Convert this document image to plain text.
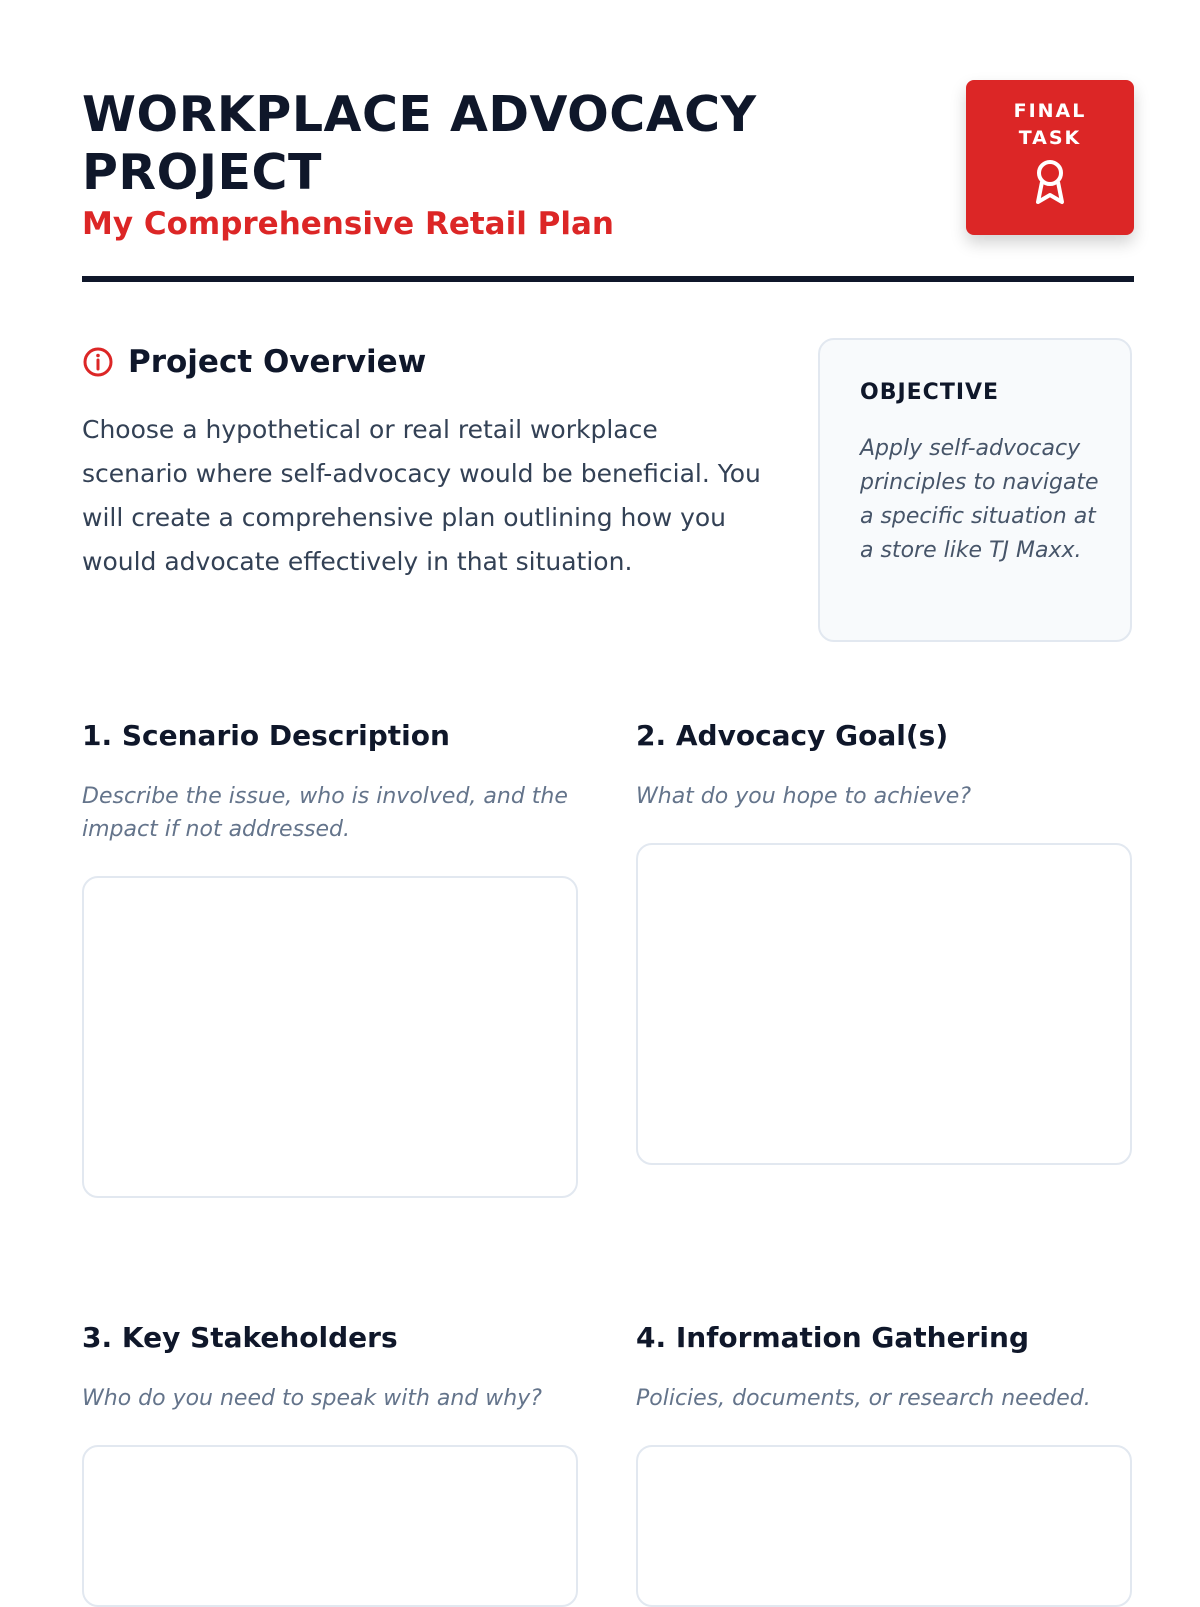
WORKPLACE ADVOCACY PROJECT
My Comprehensive Retail Plan
FINAL TASK
Project Overview

Choose a hypothetical or real retail workplace scenario where self-advocacy would be beneficial. You will create a comprehensive plan outlining how you would advocate effectively in that situation.

OBJECTIVE

Apply self-advocacy principles to navigate a specific situation at a store like TJ Maxx.

1. Scenario Description

Describe the issue, who is involved, and the impact if not addressed.

2. Advocacy Goal(s)

What do you hope to achieve?

3. Key Stakeholders

Who do you need to speak with and why?

4. Information Gathering

Policies, documents, or research needed.
